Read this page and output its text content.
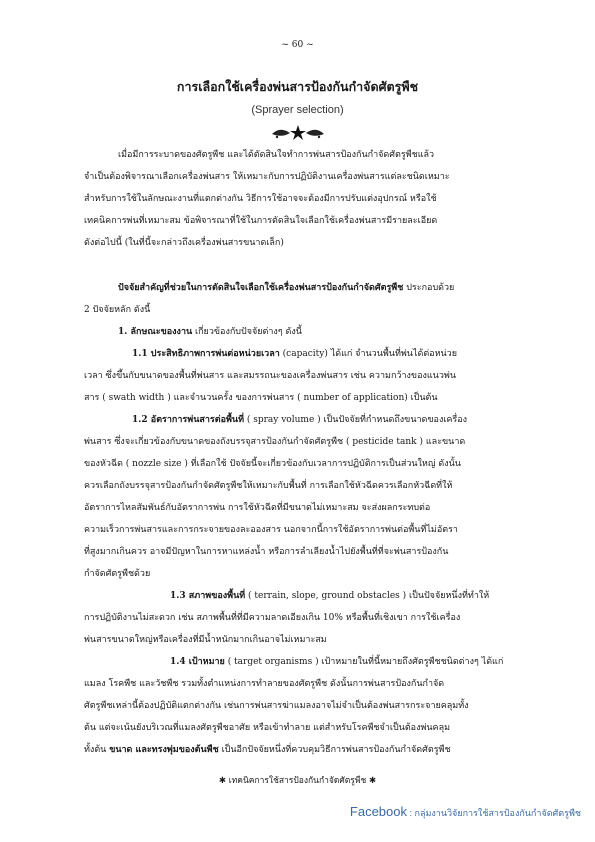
~ 60 ~
การเลือกใช้เครื่องพ่นสารป้องกันกำจัดศัตรูพืช
(Sprayer selection)
เมื่อมีการระบาดของศัตรูพืช และได้ตัดสินใจทำการพ่นสารป้องกันกำจัดศัตรูพืชแล้ว
จำเป็นต้องพิจารณาเลือกเครื่องพ่นสาร ให้เหมาะกับการปฏิบัติงานเครื่องพ่นสารแต่ละชนิดเหมาะ
สำหรับการใช้ในลักษณะงานที่แตกต่างกัน วิธีการใช้อาจจะต้องมีการปรับแต่งอุปกรณ์ หรือใช้
เทคนิคการพ่นที่เหมาะสม ข้อพิจารณาที่ใช้ในการตัดสินใจเลือกใช้เครื่องพ่นสารมีรายละเอียด
ดังต่อไปนี้ (ในที่นี้จะกล่าวถึงเครื่องพ่นสารขนาดเล็ก)
ปัจจัยสำคัญที่ช่วยในการตัดสินใจเลือกใช้เครื่องพ่นสารป้องกันกำจัดศัตรูพืช ประกอบด้วย
2 ปัจจัยหลัก ดังนี้
1. ลักษณะของงาน เกี่ยวข้องกับปัจจัยต่างๆ ดังนี้
1.1 ประสิทธิภาพการพ่นต่อหน่วยเวลา (capacity) ได้แก่ จำนวนพื้นที่พ่นได้ต่อหน่วย
เวลา ซึ่งขึ้นกับขนาดของพื้นที่พ่นสาร และสมรรถนะของเครื่องพ่นสาร เช่น ความกว้างของแนวพ่น
สาร ( swath width ) และจำนวนครั้ง ของการพ่นสาร ( number of application) เป็นต้น
1.2 อัตราการพ่นสารต่อพื้นที่ ( spray volume ) เป็นปัจจัยที่กำหนดถึงขนาดของเครื่อง
พ่นสาร ซึ่งจะเกี่ยวข้องกับขนาดของถังบรรจุสารป้องกันกำจัดศัตรูพืช ( pesticide tank ) และขนาด
ของหัวฉีด ( nozzle size ) ที่เลือกใช้ ปัจจัยนี้จะเกี่ยวข้องกับเวลาการปฏิบัติการเป็นส่วนใหญ่ ดังนั้น
ควรเลือกถังบรรจุสารป้องกันกำจัดศัตรูพืชให้เหมาะกับพื้นที่ การเลือกใช้หัวฉีดควรเลือกหัวฉีดที่ให้
อัตราการไหลสัมพันธ์กับอัตราการพ่น การใช้หัวฉีดที่มีขนาดไม่เหมาะสม จะส่งผลกระทบต่อ
ความเร็วการพ่นสารและการกระจายของละอองสาร นอกจากนี้การใช้อัตราการพ่นต่อพื้นที่ไม่อัตรา
ที่สูงมากเกินควร อาจมีปัญหาในการหาแหล่งน้ำ หรือการลำเลียงน้ำไปยังพื้นที่ที่จะพ่นสารป้องกัน
กำจัดศัตรูพืชด้วย
1.3 สภาพของพื้นที่ ( terrain, slope, ground obstacles ) เป็นปัจจัยหนึ่งที่ทำให้
การปฏิบัติงานไม่สะดวก เช่น สภาพพื้นที่ที่มีความลาดเอียงเกิน 10% หรือพื้นที่เชิงเขา การใช้เครื่อง
พ่นสารขนาดใหญ่หรือเครื่องที่มีน้ำหนักมากเกินอาจไม่เหมาะสม
1.4 เป้าหมาย ( target organisms ) เป้าหมายในที่นี้หมายถึงศัตรูพืชชนิดต่างๆ ได้แก่
แมลง โรคพืช และวัชพืช รวมทั้งตำแหน่งการทำลายของศัตรูพืช ดังนั้นการพ่นสารป้องกันกำจัด
ศัตรูพืชเหล่านี้ต้องปฏิบัติแตกต่างกัน เช่นการพ่นสารฆ่าแมลงอาจไม่จำเป็นต้องพ่นสารกระจายคลุมทั้ง
ต้น แต่จะเน้นยังบริเวณที่แมลงศัตรูพืชอาศัย หรือเข้าทำลาย แต่สำหรับโรคพืชจำเป็นต้องพ่นคลุม
ทั้งต้น ขนาด และทรงพุ่มของต้นพืช เป็นอีกปัจจัยหนึ่งที่ควบคุมวิธีการพ่นสารป้องกันกำจัดศัตรูพืช
✱ เทคนิคการใช้สารป้องกันกำจัดศัตรูพืช ✱
Facebook : กลุ่มงานวิจัยการใช้สารป้องกันกำจัดศัตรูพืช
